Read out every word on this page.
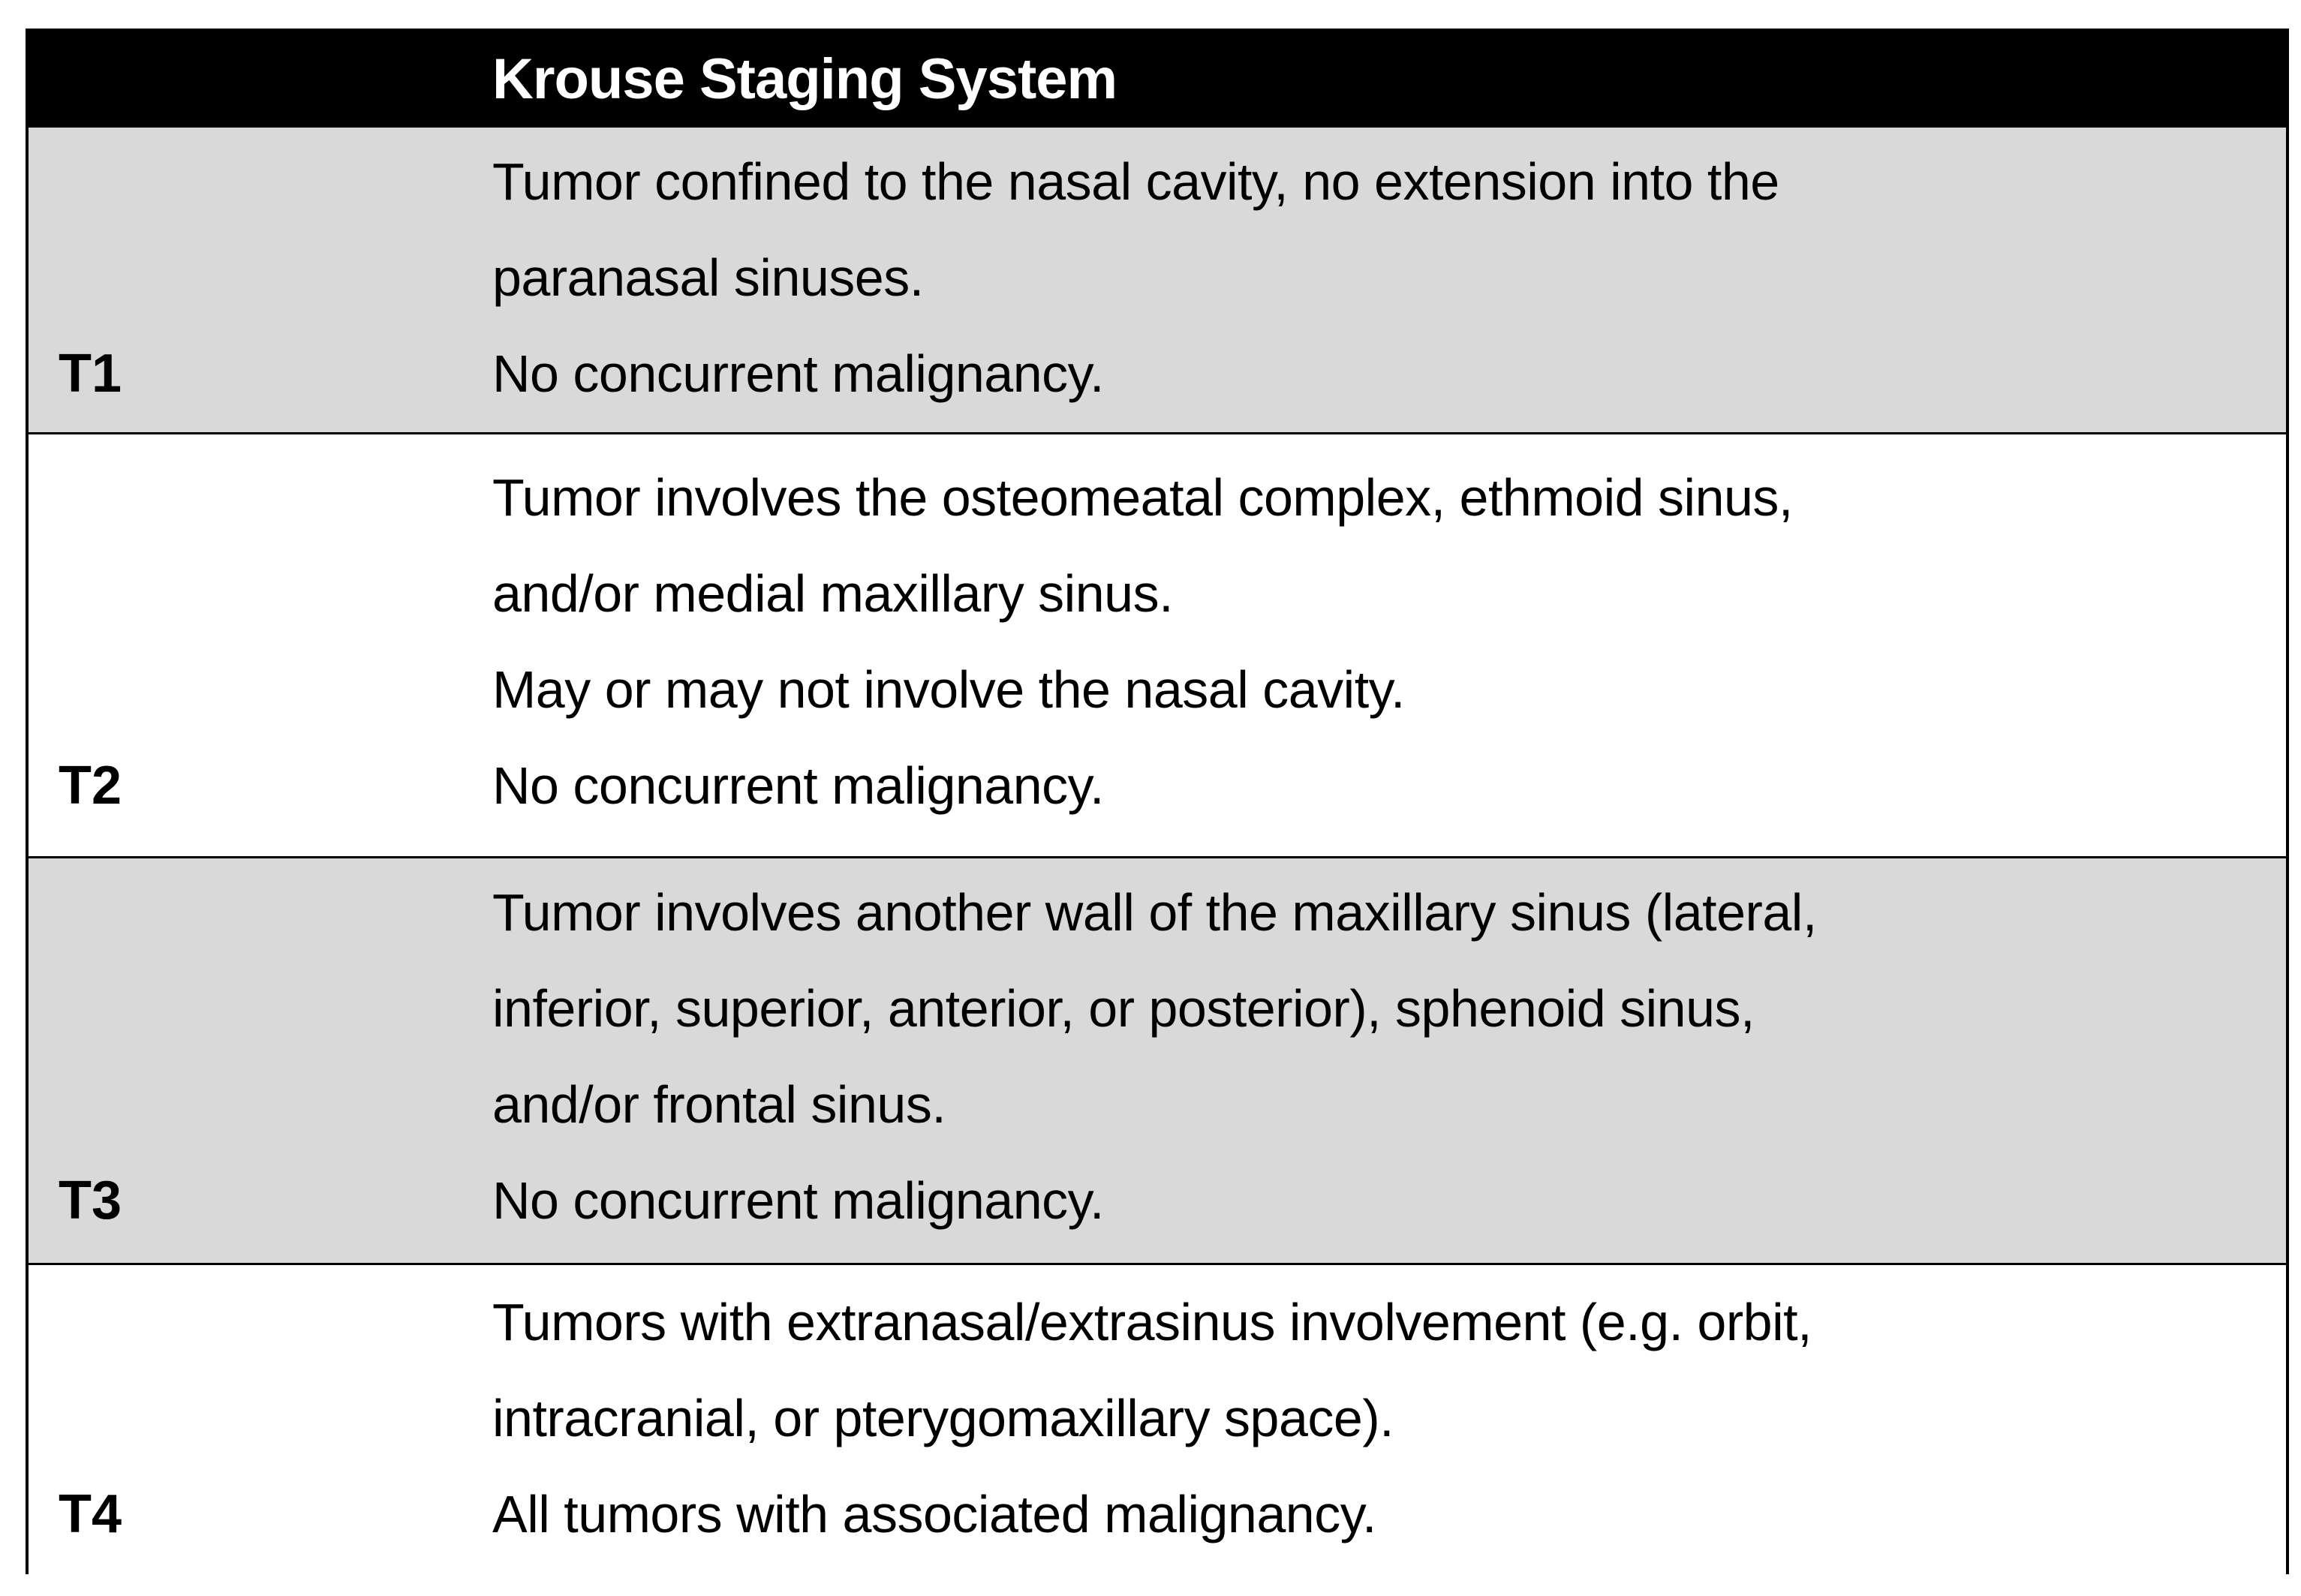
Krouse Staging System
Tumor confined to the nasal cavity, no extension into the
paranasal sinuses.
No concurrent malignancy.
T1
Tumor involves the osteomeatal complex, ethmoid sinus,
and/or medial maxillary sinus.
May or may not involve the nasal cavity.
No concurrent malignancy.
T2
Tumor involves another wall of the maxillary sinus (lateral,
inferior, superior, anterior, or posterior), sphenoid sinus,
and/or frontal sinus.
No concurrent malignancy.
T3
Tumors with extranasal/extrasinus involvement (e.g. orbit,
intracranial, or pterygomaxillary space).
All tumors with associated malignancy.
T4
